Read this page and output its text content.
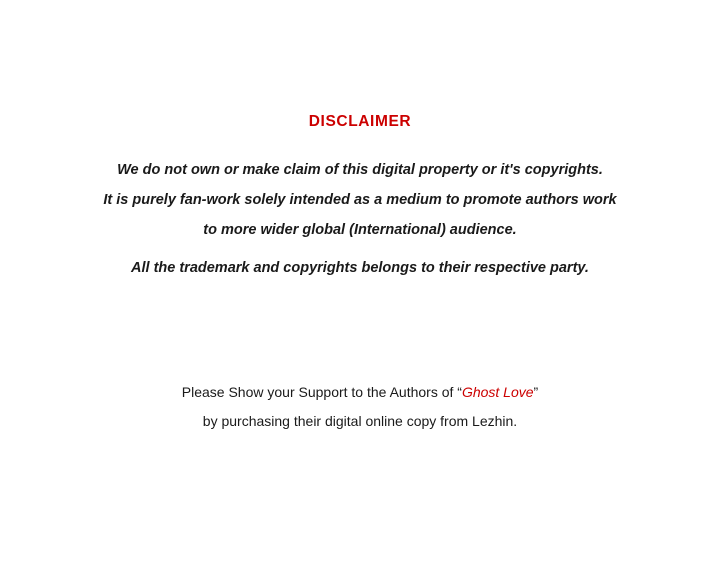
DISCLAIMER
We do not own or make claim of this digital property or it's copyrights.
It is purely fan-work solely intended as a medium to promote authors work
to more wider global (International) audience.
All the trademark and copyrights belongs to their respective party.
Please Show your Support to the Authors of “Ghost Love”
by purchasing their digital online copy from Lezhin.
